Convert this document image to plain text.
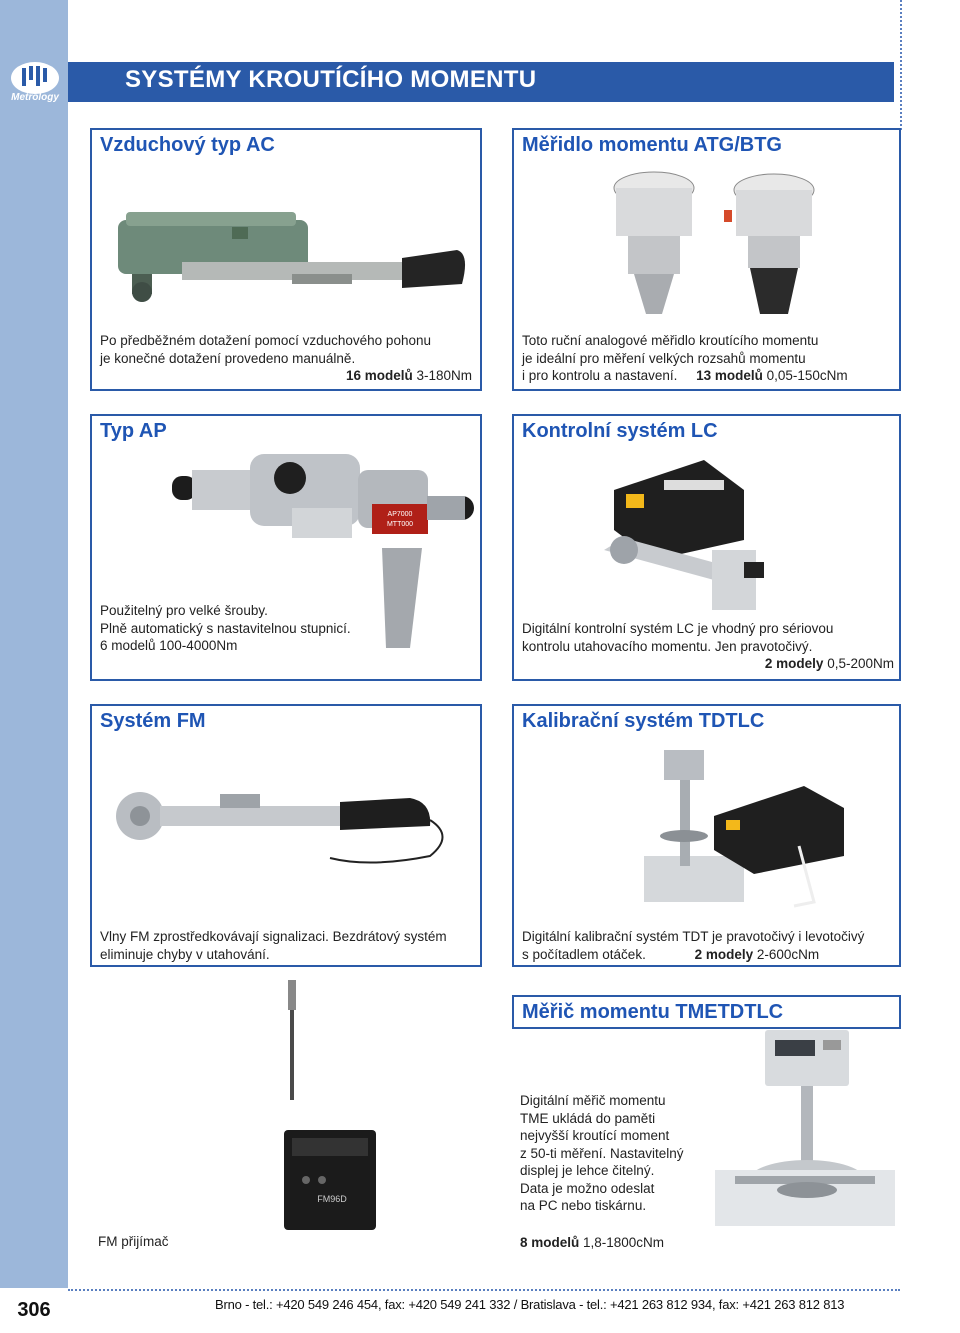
Metrology
SYSTÉMY KROUTÍCÍHO MOMENTU
306
Vzduchový typ AC
Po předběžném dotažení pomocí vzduchového pohonu
je konečné dotažení provedeno manuálně.
16 modelů 3-180Nm
Měřidlo momentu ATG/BTG
Toto ruční analogové měřidlo kroutícího momentu
je ideální pro měření velkých rozsahů momentu
i pro kontrolu a nastavení. 13 modelů 0,05-150cNm
Typ AP
AP7000
MTT000
Použitelný pro velké šrouby.
Plně automatický s nastavitelnou stupnicí.
6 modelů 100-4000Nm
Kontrolní systém LC
Digitální kontrolní systém LC je vhodný pro sériovou
kontrolu utahovacího momentu. Jen pravotočivý.
2 modely 0,5-200Nm
Systém FM
Vlny FM zprostředkovávají signalizaci. Bezdrátový systém
eliminuje chyby v utahování.
Kalibrační systém TDTLC
Digitální kalibrační systém TDT je pravotočivý i levotočivý
s počítadlem otáček.	2 modely 2-600cNm
FM96D
FM přijímač
Měřič momentu TMETDTLC
Digitální měřič momentu
TME ukládá do paměti
nejvyšší kroutící moment
z 50-ti měření. Nastavitelný
displej je lehce čitelný.
Data je možno odeslat
na PC nebo tiskárnu.
8 modelů 1,8-1800cNm
Brno - tel.: +420 549 246 454, fax: +420 549 241 332 / Bratislava - tel.: +421 263 812 934, fax: +421 263 812 813
